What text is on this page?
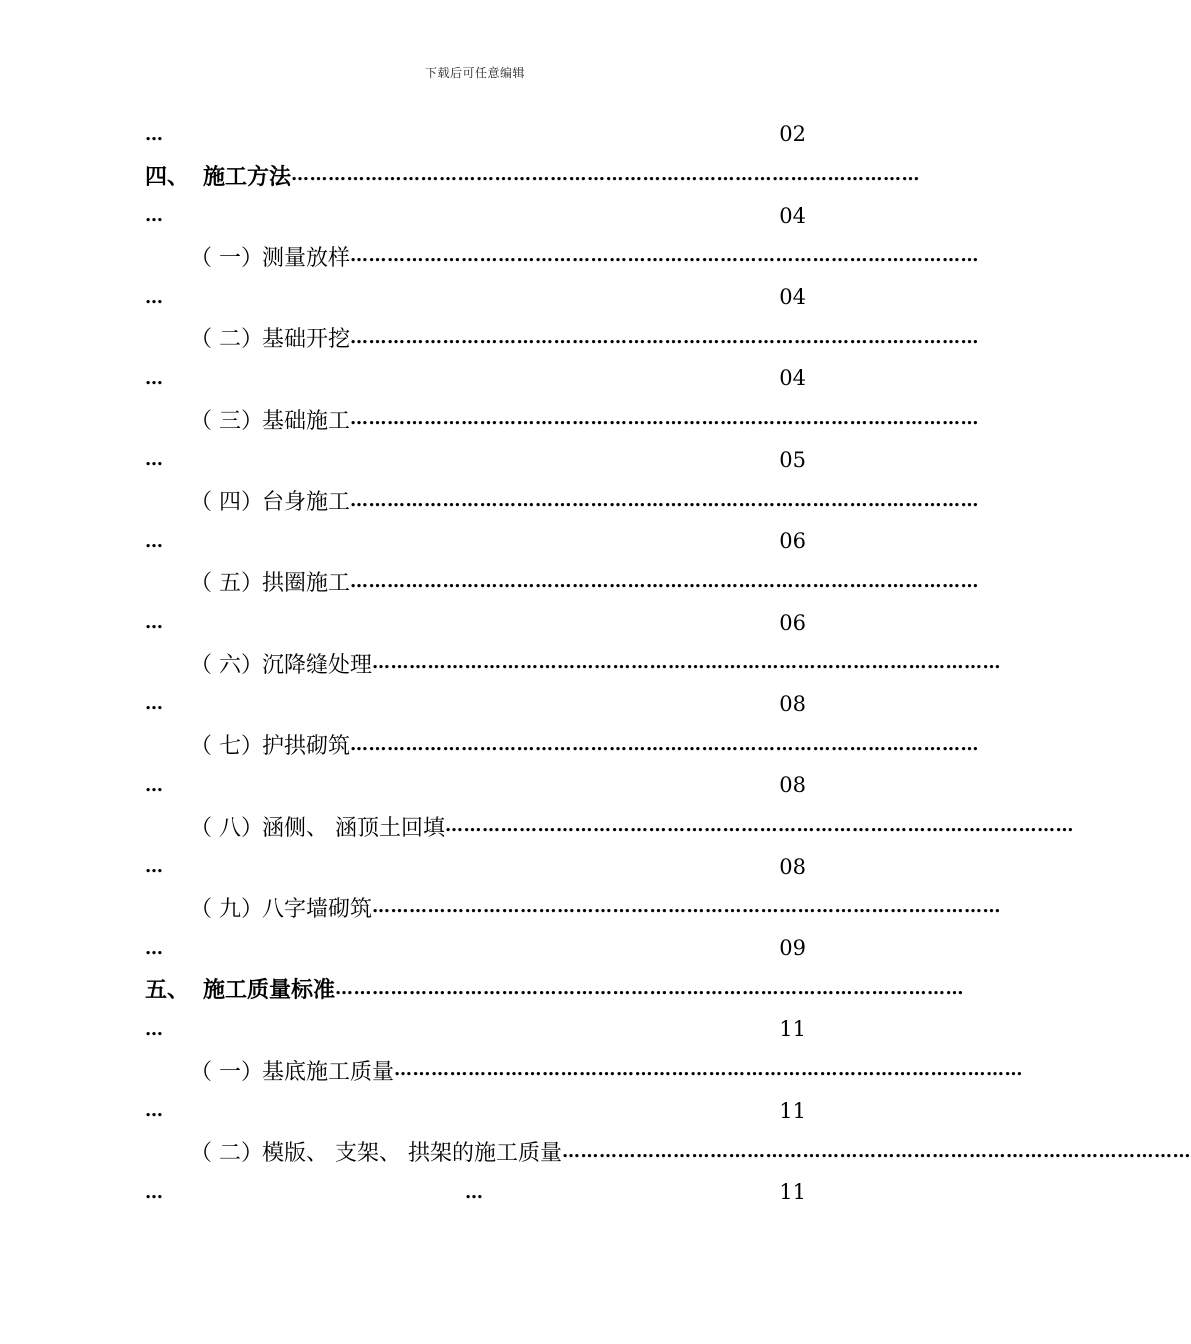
下载后可任意编辑
…	02
四、 施工方法 …………………………………………………………………………………………
…	04
（ 一） 测量放样 …………………………………………………………………………………………
…	04
（ 二） 基础开挖 …………………………………………………………………………………………
…	04
（ 三） 基础施工 …………………………………………………………………………………………
…	05
（ 四） 台身施工 …………………………………………………………………………………………
…	06
（ 五） 拱圈施工 …………………………………………………………………………………………
…	06
（ 六） 沉降缝处理 …………………………………………………………………………………………
…	08
（ 七） 护拱砌筑 …………………………………………………………………………………………
…	08
（ 八） 涵侧、 涵顶土回填 …………………………………………………………………………………………
…	08
（ 九） 八字墙砌筑 …………………………………………………………………………………………
…	09
五、 施工质量标准 …………………………………………………………………………………………
…	11
（ 一） 基底施工质量 …………………………………………………………………………………………
…	11
（ 二） 模版、 支架、 拱架的施工质量 …………………………………………………………………………………………
…	…	11
